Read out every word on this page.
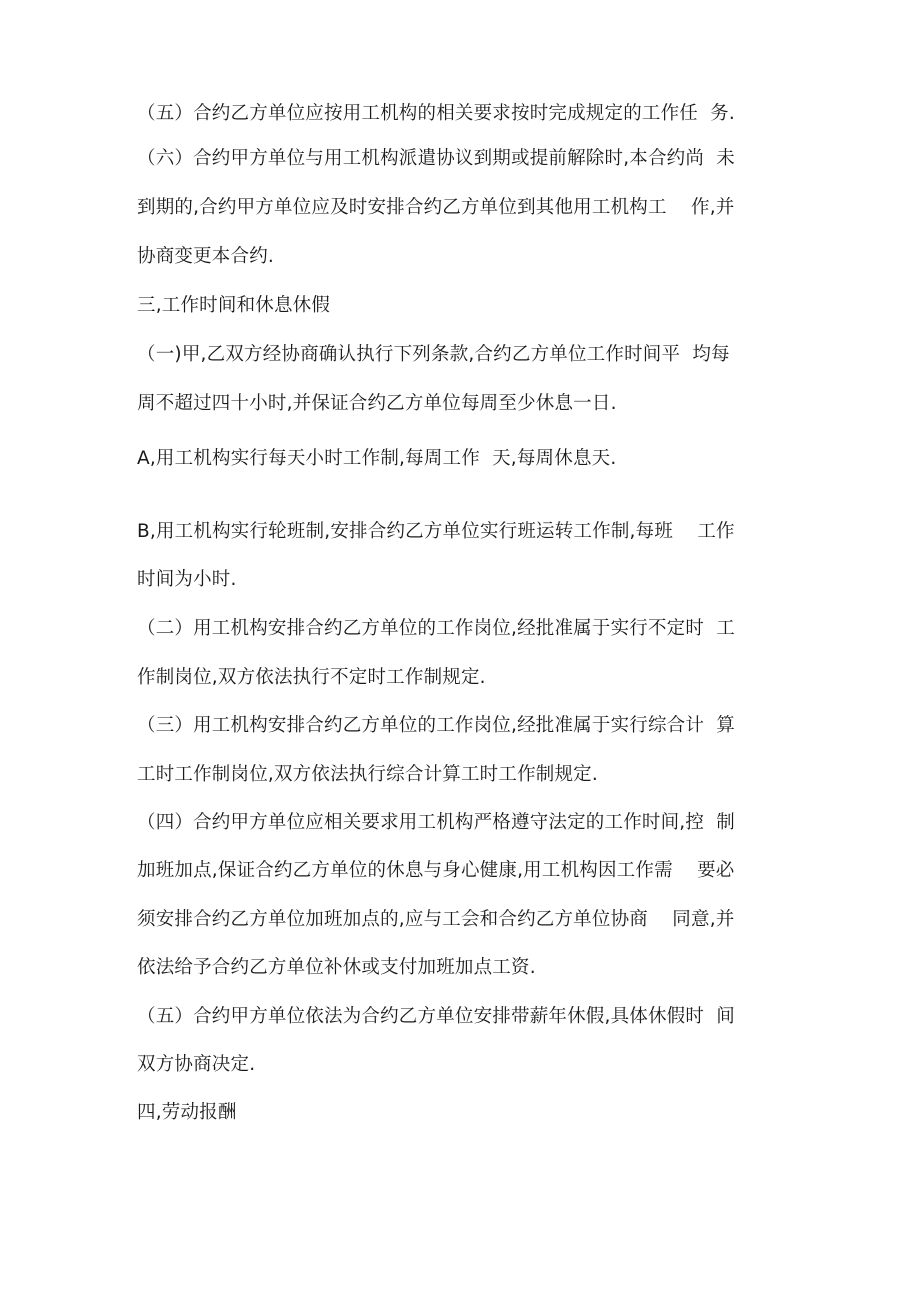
（五）合约乙方单位应按用工机构的相关要求按时完成规定的工作任  务.
（六）合约甲方单位与用工机构派遣协议到期或提前解除时,本合约尚  未
到期的,合约甲方单位应及时安排合约乙方单位到其他用工机构工    作,并
协商变更本合约.
三,工作时间和休息休假
（一)甲,乙双方经协商确认执行下列条款,合约乙方单位工作时间平  均每
周不超过四十小时,并保证合约乙方单位每周至少休息一日.
A,用工机构实行每天小时工作制,每周工作  天,每周休息天.
B,用工机构实行轮班制,安排合约乙方单位实行班运转工作制,每班    工作
时间为小时.
（二）用工机构安排合约乙方单位的工作岗位,经批准属于实行不定时  工
作制岗位,双方依法执行不定时工作制规定.
（三）用工机构安排合约乙方单位的工作岗位,经批准属于实行综合计  算
工时工作制岗位,双方依法执行综合计算工时工作制规定.
（四）合约甲方单位应相关要求用工机构严格遵守法定的工作时间,控  制
加班加点,保证合约乙方单位的休息与身心健康,用工机构因工作需    要必
须安排合约乙方单位加班加点的,应与工会和合约乙方单位协商    同意,并
依法给予合约乙方单位补休或支付加班加点工资.
（五）合约甲方单位依法为合约乙方单位安排带薪年休假,具体休假时  间
双方协商决定.
四,劳动报酬
